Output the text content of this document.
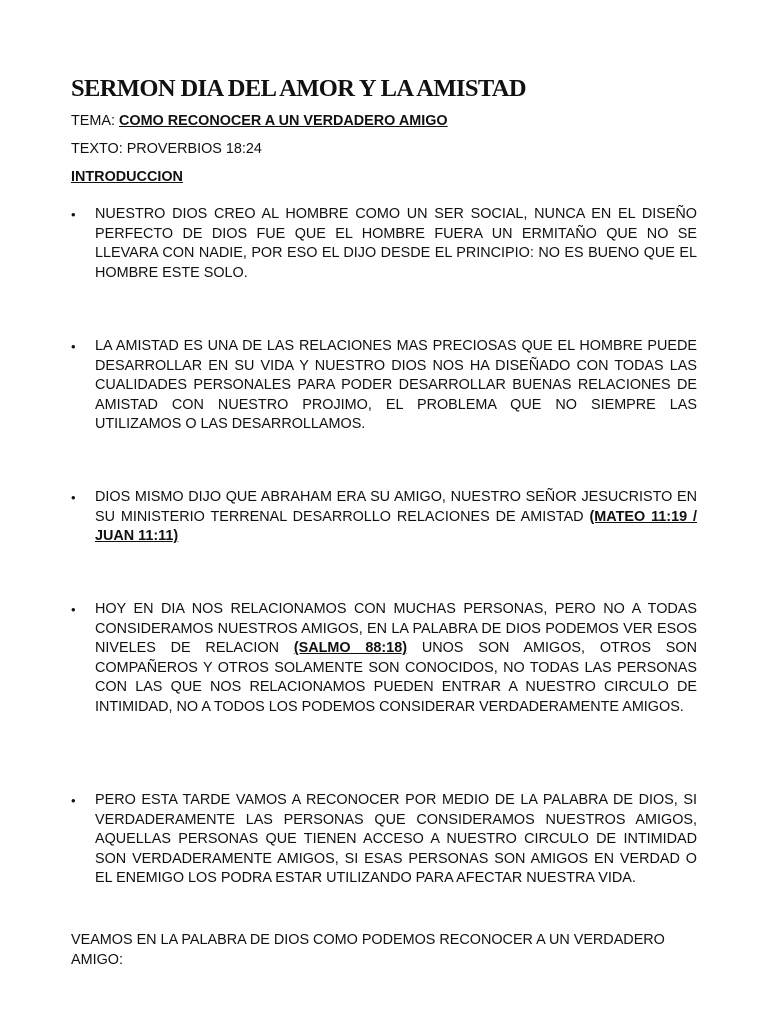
SERMON DIA DEL AMOR Y LA AMISTAD
TEMA: COMO RECONOCER A UN VERDADERO AMIGO
TEXTO: PROVERBIOS 18:24
INTRODUCCION
•	NUESTRO DIOS CREO AL HOMBRE COMO UN SER SOCIAL, NUNCA EN EL DISEÑO PERFECTO DE DIOS FUE QUE EL HOMBRE FUERA UN ERMITAÑO QUE NO SE LLEVARA CON NADIE, POR ESO EL DIJO DESDE EL PRINCIPIO: NO ES BUENO QUE EL HOMBRE ESTE SOLO.
•	LA AMISTAD ES UNA DE LAS RELACIONES MAS PRECIOSAS QUE EL HOMBRE PUEDE DESARROLLAR EN SU VIDA Y NUESTRO DIOS NOS HA DISEÑADO CON TODAS LAS CUALIDADES PERSONALES PARA PODER DESARROLLAR BUENAS RELACIONES DE AMISTAD CON NUESTRO PROJIMO, EL PROBLEMA QUE NO SIEMPRE LAS UTILIZAMOS O LAS DESARROLLAMOS.
•	DIOS MISMO DIJO QUE ABRAHAM ERA SU AMIGO, NUESTRO SEÑOR JESUCRISTO EN SU MINISTERIO TERRENAL DESARROLLO RELACIONES DE AMISTAD (MATEO 11:19 / JUAN 11:11)
•	HOY EN DIA NOS RELACIONAMOS CON MUCHAS PERSONAS, PERO NO A TODAS CONSIDERAMOS NUESTROS AMIGOS, EN LA PALABRA DE DIOS PODEMOS VER ESOS NIVELES DE RELACION (SALMO 88:18) UNOS SON AMIGOS, OTROS SON COMPAÑEROS Y OTROS SOLAMENTE SON CONOCIDOS, NO TODAS LAS PERSONAS CON LAS QUE NOS RELACIONAMOS PUEDEN ENTRAR A NUESTRO CIRCULO DE INTIMIDAD, NO A TODOS LOS PODEMOS CONSIDERAR VERDADERAMENTE AMIGOS.
•	PERO ESTA TARDE VAMOS A RECONOCER POR MEDIO DE LA PALABRA DE DIOS, SI VERDADERAMENTE LAS PERSONAS QUE CONSIDERAMOS NUESTROS AMIGOS, AQUELLAS PERSONAS QUE TIENEN ACCESO A NUESTRO CIRCULO DE INTIMIDAD SON VERDADERAMENTE AMIGOS, SI ESAS PERSONAS SON AMIGOS EN VERDAD O EL ENEMIGO LOS PODRA ESTAR UTILIZANDO PARA AFECTAR NUESTRA VIDA.
VEAMOS EN LA PALABRA DE DIOS COMO PODEMOS RECONOCER A UN VERDADERO AMIGO:
